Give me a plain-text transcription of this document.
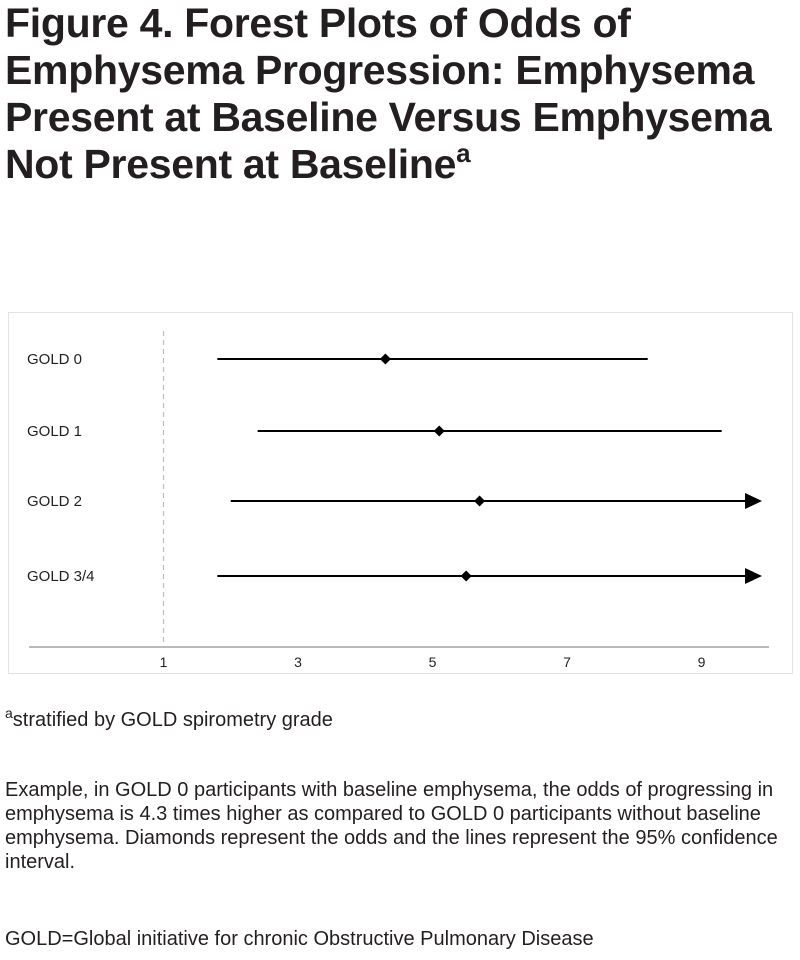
Figure 4. Forest Plots of Odds of Emphysema Progression: Emphysema Present at Baseline Versus Emphysema Not Present at Baseline$^a$
1	3	5	7	9
GOLD 0
GOLD 1
GOLD 2
GOLD 3/4

$^a$stratified by GOLD spirometry grade

Example, in GOLD 0 participants with baseline emphysema, the odds of progressing in emphysema is 4.3 times higher as compared to GOLD 0 participants without baseline emphysema. Diamonds represent the odds and the lines represent the 95% confidence interval.

GOLD=Global initiative for chronic Obstructive Pulmonary Disease
